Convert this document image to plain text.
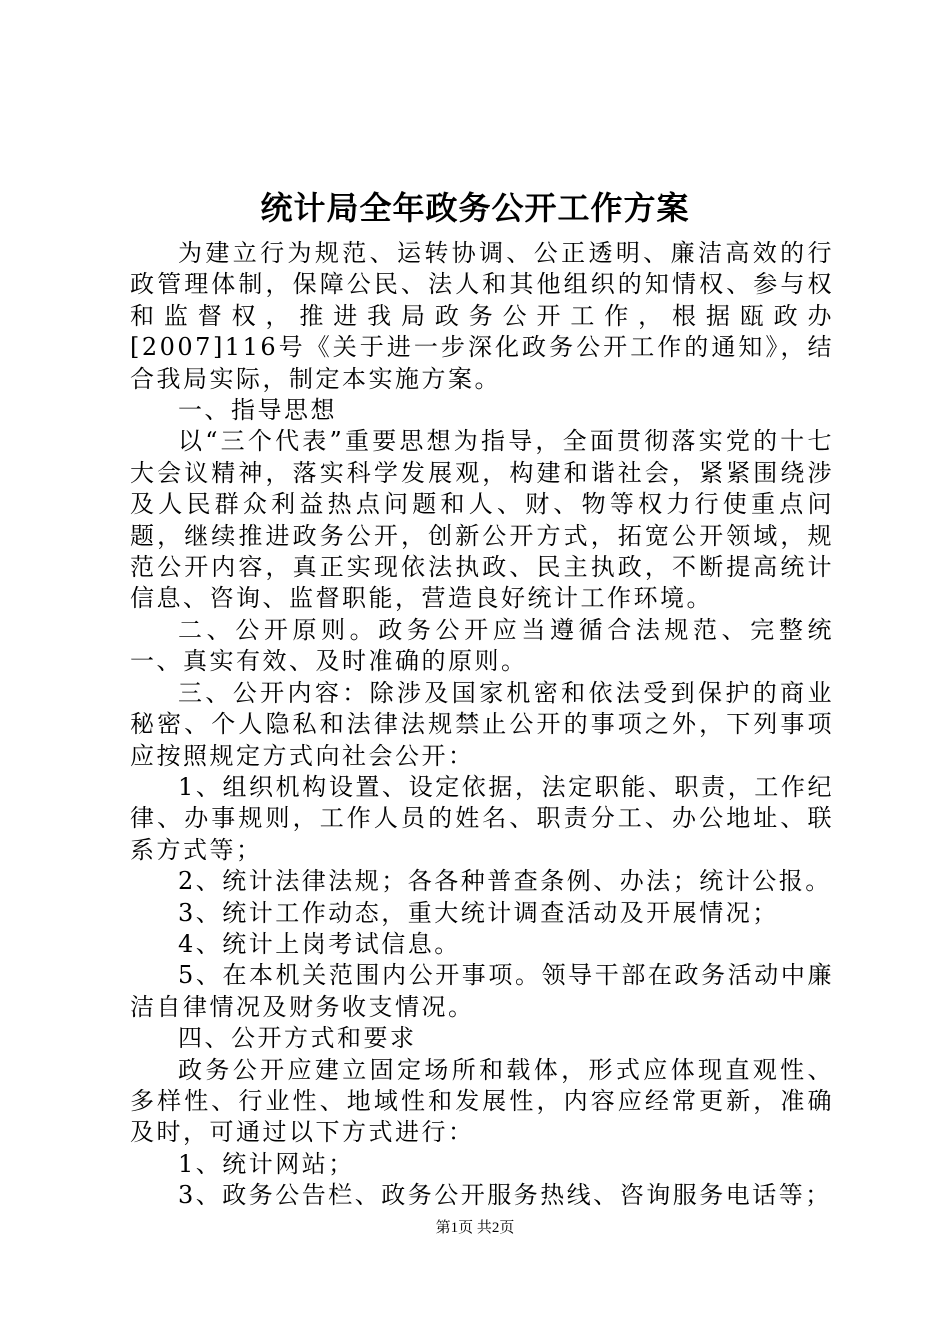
统计局全年政务公开工作方案

为建立行为规范、运转协调、公正透明、廉洁高效的行政管理体制，保障公民、法人和其他组织的知情权、参与权和监督权，推进我局政务公开工作，根据瓯政办[2007]116号《关于进一步深化政务公开工作的通知》，结合我局实际，制定本实施方案。

一、指导思想

以“三个代表”重要思想为指导，全面贯彻落实党的十七大会议精神，落实科学发展观，构建和谐社会，紧紧围绕涉及人民群众利益热点问题和人、财、物等权力行使重点问题，继续推进政务公开，创新公开方式，拓宽公开领域，规范公开内容，真正实现依法执政、民主执政，不断提高统计信息、咨询、监督职能，营造良好统计工作环境。

二、公开原则。政务公开应当遵循合法规范、完整统一、真实有效、及时准确的原则。

三、公开内容：除涉及国家机密和依法受到保护的商业秘密、个人隐私和法律法规禁止公开的事项之外，下列事项应按照规定方式向社会公开：

1、组织机构设置、设定依据，法定职能、职责，工作纪律、办事规则，工作人员的姓名、职责分工、办公地址、联系方式等；

2、统计法律法规；各各种普查条例、办法；统计公报。

3、统计工作动态，重大统计调查活动及开展情况；

4、统计上岗考试信息。

5、在本机关范围内公开事项。领导干部在政务活动中廉洁自律情况及财务收支情况。

四、公开方式和要求

政务公开应建立固定场所和载体，形式应体现直观性、多样性、行业性、地域性和发展性，内容应经常更新，准确及时，可通过以下方式进行：

1、统计网站；

3、政务公告栏、政务公开服务热线、咨询服务电话等；

第1页 共2页
